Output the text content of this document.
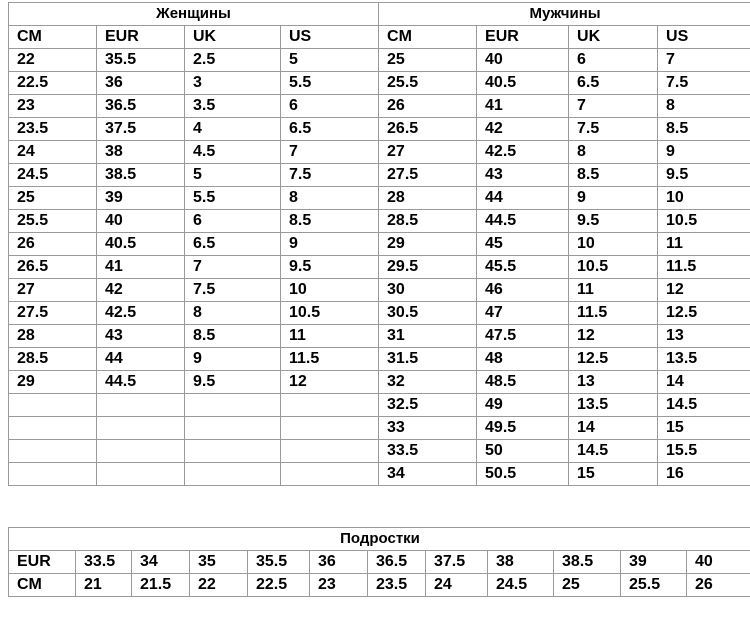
Женщины				Мужчины			
CM	EUR	UK	US	CM	EUR	UK	US
22	35.5	2.5	5	25	40	6	7
22.5	36	3	5.5	25.5	40.5	6.5	7.5
23	36.5	3.5	6	26	41	7	8
23.5	37.5	4	6.5	26.5	42	7.5	8.5
24	38	4.5	7	27	42.5	8	9
24.5	38.5	5	7.5	27.5	43	8.5	9.5
25	39	5.5	8	28	44	9	10
25.5	40	6	8.5	28.5	44.5	9.5	10.5
26	40.5	6.5	9	29	45	10	11
26.5	41	7	9.5	29.5	45.5	10.5	11.5
27	42	7.5	10	30	46	11	12
27.5	42.5	8	10.5	30.5	47	11.5	12.5
28	43	8.5	11	31	47.5	12	13
28.5	44	9	11.5	31.5	48	12.5	13.5
29	44.5	9.5	12	32	48.5	13	14
				32.5	49	13.5	14.5
				33	49.5	14	15
				33.5	50	14.5	15.5
				34	50.5	15	16
Подростки											
EUR	33.5	34	35	35.5	36	36.5	37.5	38	38.5	39	40
CM	21	21.5	22	22.5	23	23.5	24	24.5	25	25.5	26
